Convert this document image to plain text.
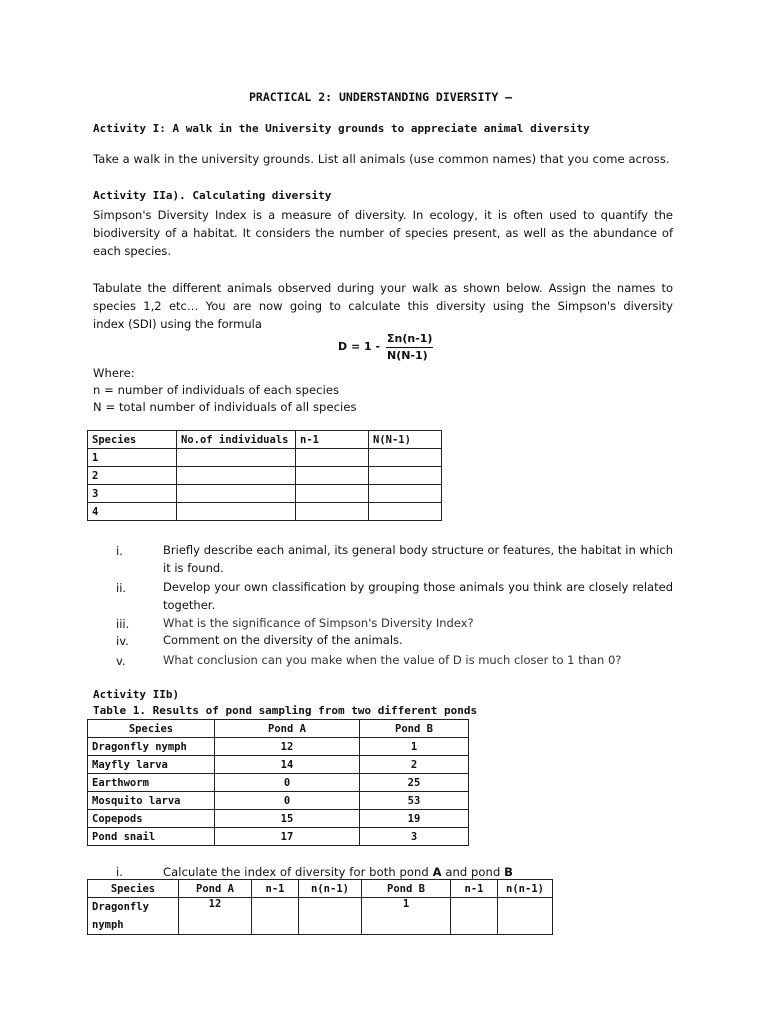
PRACTICAL 2: UNDERSTANDING DIVERSITY –
Activity I: A walk in the University grounds to appreciate animal diversity
Take a walk in the university grounds. List all animals (use common names) that you come across.
Activity IIa). Calculating diversity
Simpson's Diversity Index is a measure of diversity. In ecology, it is often used to quantify the
biodiversity of a habitat. It considers the number of species present, as well as the abundance of
each species.
Tabulate the different animals observed during your walk as shown below. Assign the names to
species 1,2 etc… You are now going to calculate this diversity using the Simpson's diversity
index (SDI) using the formula
D = 1 -
Σn(n-1)
N(N-1)
Where:
n = number of individuals of each species
N = total number of individuals of all species
Species	No.of individuals	n-1	N(N-1)
1			
2			
3			
4			
i.	Briefly describe each animal, its general body structure or features, the habitat in which
it is found.
ii.	Develop your own classification by grouping those animals you think are closely related
together.
iii.	What is the significance of Simpson's Diversity Index?
iv.	Comment on the diversity of the animals.
v.	What conclusion can you make when the value of D is much closer to 1 than 0?
Activity IIb)
Table 1. Results of pond sampling from two different ponds
Species	Pond A	Pond B
Dragonfly nymph	12	1
Mayfly larva	14	2
Earthworm	0	25
Mosquito larva	0	53
Copepods	15	19
Pond snail	17	3
i.	Calculate the index of diversity for both pond A and pond B
Species	Pond A	n-1	n(n-1)	Pond B	n-1	n(n-1)
Dragonfly
nymph	12			1		
